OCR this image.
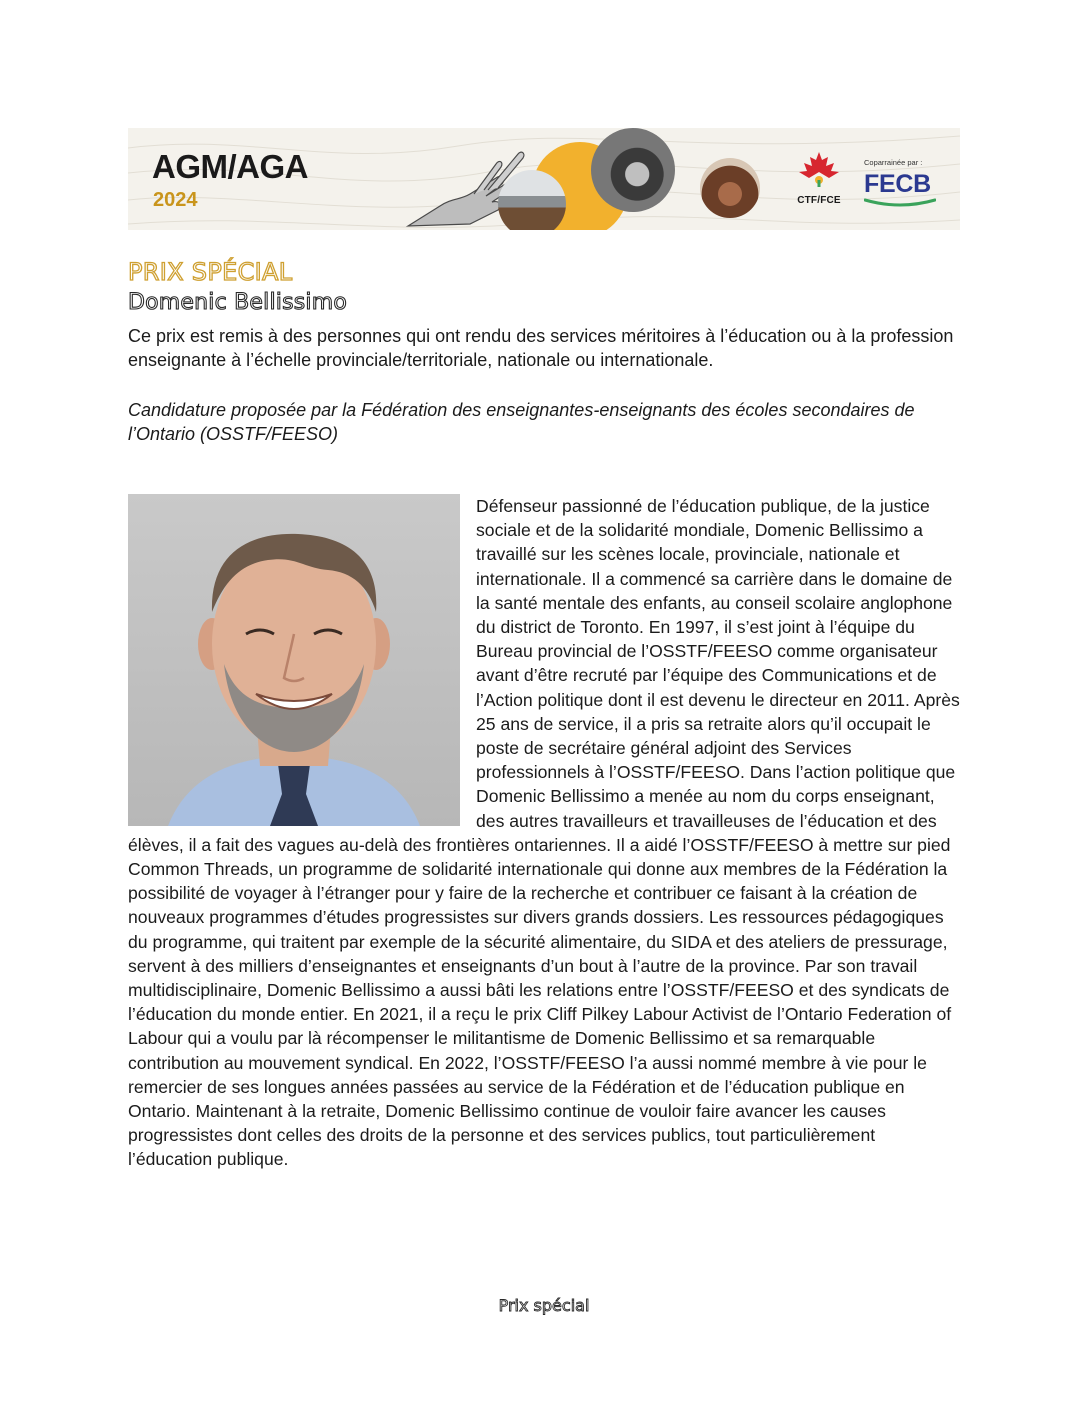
AGM/AGA
2024	CTF/FCE
Coparrainée par :
FECB
PRIX SPÉCIAL
Domenic Bellissimo

Ce prix est remis à des personnes qui ont rendu des services méritoires à l’éducation ou à la profession enseignante à l’échelle provinciale/territoriale, nationale ou internationale.

Candidature proposée par la Fédération des enseignantes-enseignants des écoles secondaires de l’Ontario (OSSTF/FEESO)

Défenseur passionné de l’éducation publique, de la justice sociale et de la solidarité mondiale, Domenic Bellissimo a travaillé sur les scènes locale, provinciale, nationale et internationale. Il a commencé sa carrière dans le domaine de la santé mentale des enfants, au conseil scolaire anglophone du district de Toronto. En 1997, il s’est joint à l’équipe du Bureau provincial de l’OSSTF/FEESO comme organisateur avant d’être recruté par l’équipe des Communications et de l’Action politique dont il est devenu le directeur en 2011. Après 25 ans de service, il a pris sa retraite alors qu’il occupait le poste de secrétaire général adjoint des Services professionnels à l’OSSTF/FEESO. Dans l’action politique que Domenic Bellissimo a menée au nom du corps enseignant, des autres travailleurs et travailleuses de l’éducation et des élèves, il a fait des vagues au-delà des frontières ontariennes. Il a aidé l’OSSTF/FEESO à mettre sur pied Common Threads, un programme de solidarité internationale qui donne aux membres de la Fédération la possibilité de voyager à l’étranger pour y faire de la recherche et contribuer ce faisant à la création de nouveaux programmes d’études progressistes sur divers grands dossiers. Les ressources pédagogiques du programme, qui traitent par exemple de la sécurité alimentaire, du SIDA et des ateliers de pressurage, servent à des milliers d’enseignantes et enseignants d’un bout à l’autre de la province. Par son travail multidisciplinaire, Domenic Bellissimo a aussi bâti les relations entre l’OSSTF/FEESO et des syndicats de l’éducation du monde entier. En 2021, il a reçu le prix Cliff Pilkey Labour Activist de l’Ontario Federation of Labour qui a voulu par là récompenser le militantisme de Domenic Bellissimo et sa remarquable contribution au mouvement syndical. En 2022, l’OSSTF/FEESO l’a aussi nommé membre à vie pour le remercier de ses longues années passées au service de la Fédération et de l’éducation publique en Ontario. Maintenant à la retraite, Domenic Bellissimo continue de vouloir faire avancer les causes progressistes dont celles des droits de la personne et des services publics, tout particulièrement l’éducation publique.
Prix spécial
